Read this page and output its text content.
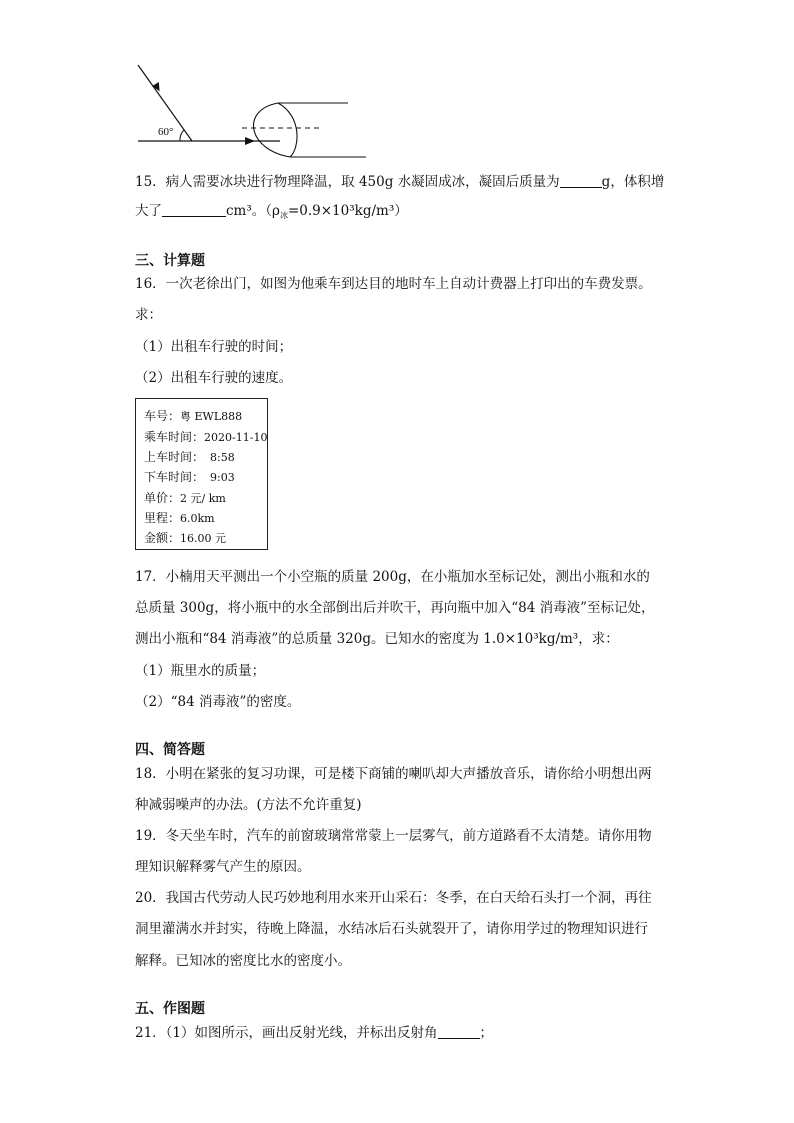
60°
15．病人需要冰块进行物理降温，取 450g 水凝固成冰，凝固后质量为	g，体积增
大了	cm³。$(\rho_冰=0.9\times 10^3kg/m^3)$
三、计算题
16．一次老徐出门，如图为他乘车到达目的地时车上自动计费器上打印出的车费发票。
求：
（1）出租车行驶的时间；
（2）出租车行驶的速度。
车号：粤 EWL888
乘车时间：2020-11-10
上车时间： 8:58
下车时间： 9:03
单价：2 元/ km
里程：6.0km
金额：16.00 元
17．小楠用天平测出一个小空瓶的质量 200g，在小瓶加水至标记处，测出小瓶和水的
总质量 300g，将小瓶中的水全部倒出后并吹干，再向瓶中加入“84 消毒液”至标记处，
测出小瓶和“84 消毒液”的总质量 320g。已知水的密度为 1.0×10³kg/m³，求：
（1）瓶里水的质量；
（2）“84 消毒液”的密度。
四、简答题
18．小明在紧张的复习功课，可是楼下商铺的喇叭却大声播放音乐，请你给小明想出两
种减弱噪声的办法。(方法不允许重复)
19．冬天坐车时，汽车的前窗玻璃常常蒙上一层雾气，前方道路看不太清楚。请你用物
理知识解释雾气产生的原因。
20．我国古代劳动人民巧妙地利用水来开山采石：冬季，在白天给石头打一个洞，再往
洞里灌满水并封实，待晚上降温，水结冰后石头就裂开了，请你用学过的物理知识进行
解释。已知冰的密度比水的密度小。
五、作图题
21．（1）如图所示，画出反射光线，并标出反射角	；
